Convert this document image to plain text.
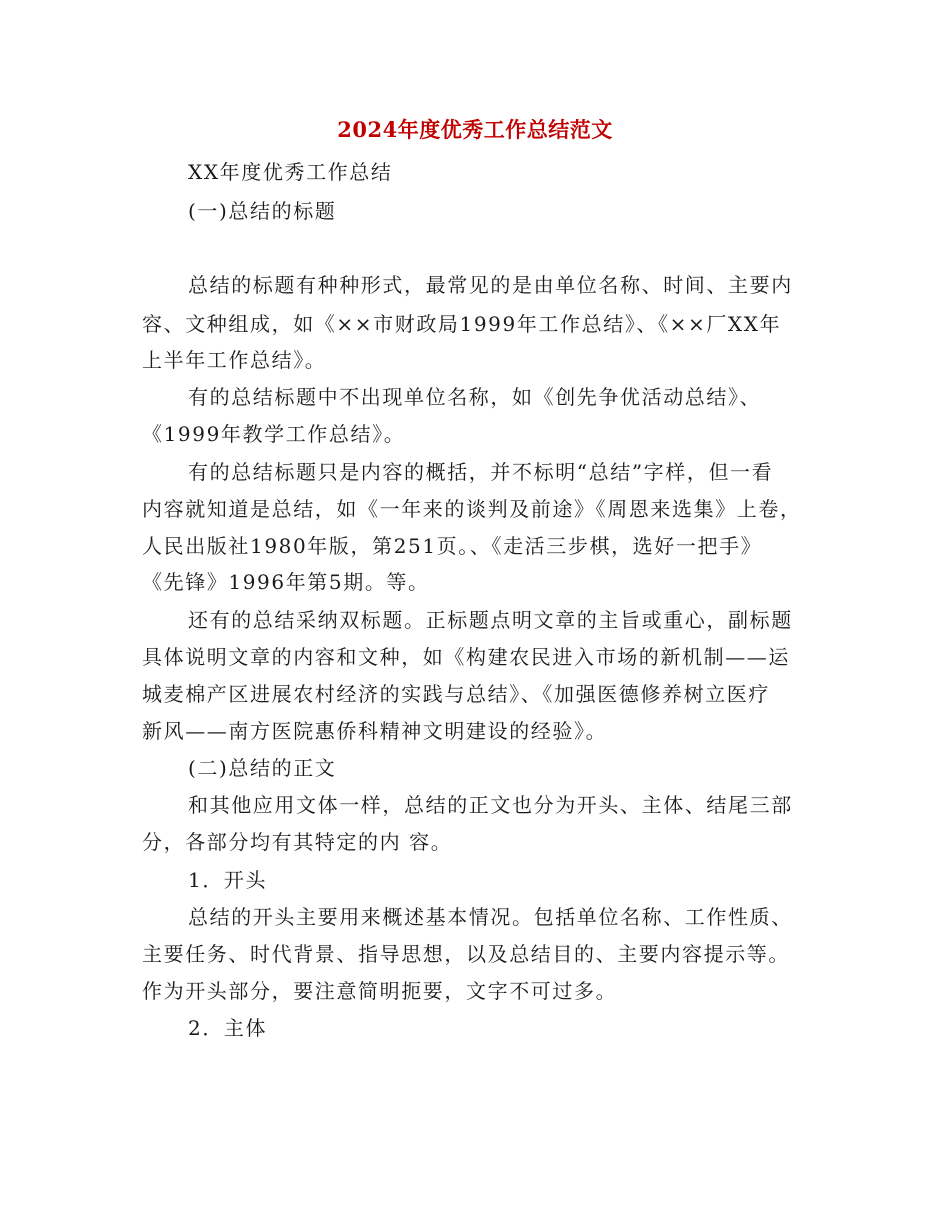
2024年度优秀工作总结范文
XX年度优秀工作总结
(一)总结的标题
总结的标题有种种形式，最常见的是由单位名称、时间、主要内
容、文种组成，如《××市财政局1999年工作总结》、《××厂XX年
上半年工作总结》。
有的总结标题中不出现单位名称，如《创先争优活动总结》、
《1999年教学工作总结》。
有的总结标题只是内容的概括，并不标明“总结”字样，但一看
内容就知道是总结，如《一年来的谈判及前途》《周恩来选集》上卷，
人民出版社1980年版，第251页。、《走活三步棋，选好一把手》
《先锋》1996年第5期。等。
还有的总结采纳双标题。正标题点明文章的主旨或重心，副标题
具体说明文章的内容和文种，如《构建农民进入市场的新机制——运
城麦棉产区进展农村经济的实践与总结》、《加强医德修养树立医疗
新风——南方医院惠侨科精神文明建设的经验》。
(二)总结的正文
和其他应用文体一样，总结的正文也分为开头、主体、结尾三部
分，各部分均有其特定的内 容。
1．开头
总结的开头主要用来概述基本情况。包括单位名称、工作性质、
主要任务、时代背景、指导思想，以及总结目的、主要内容提示等。
作为开头部分，要注意简明扼要，文字不可过多。
2．主体
